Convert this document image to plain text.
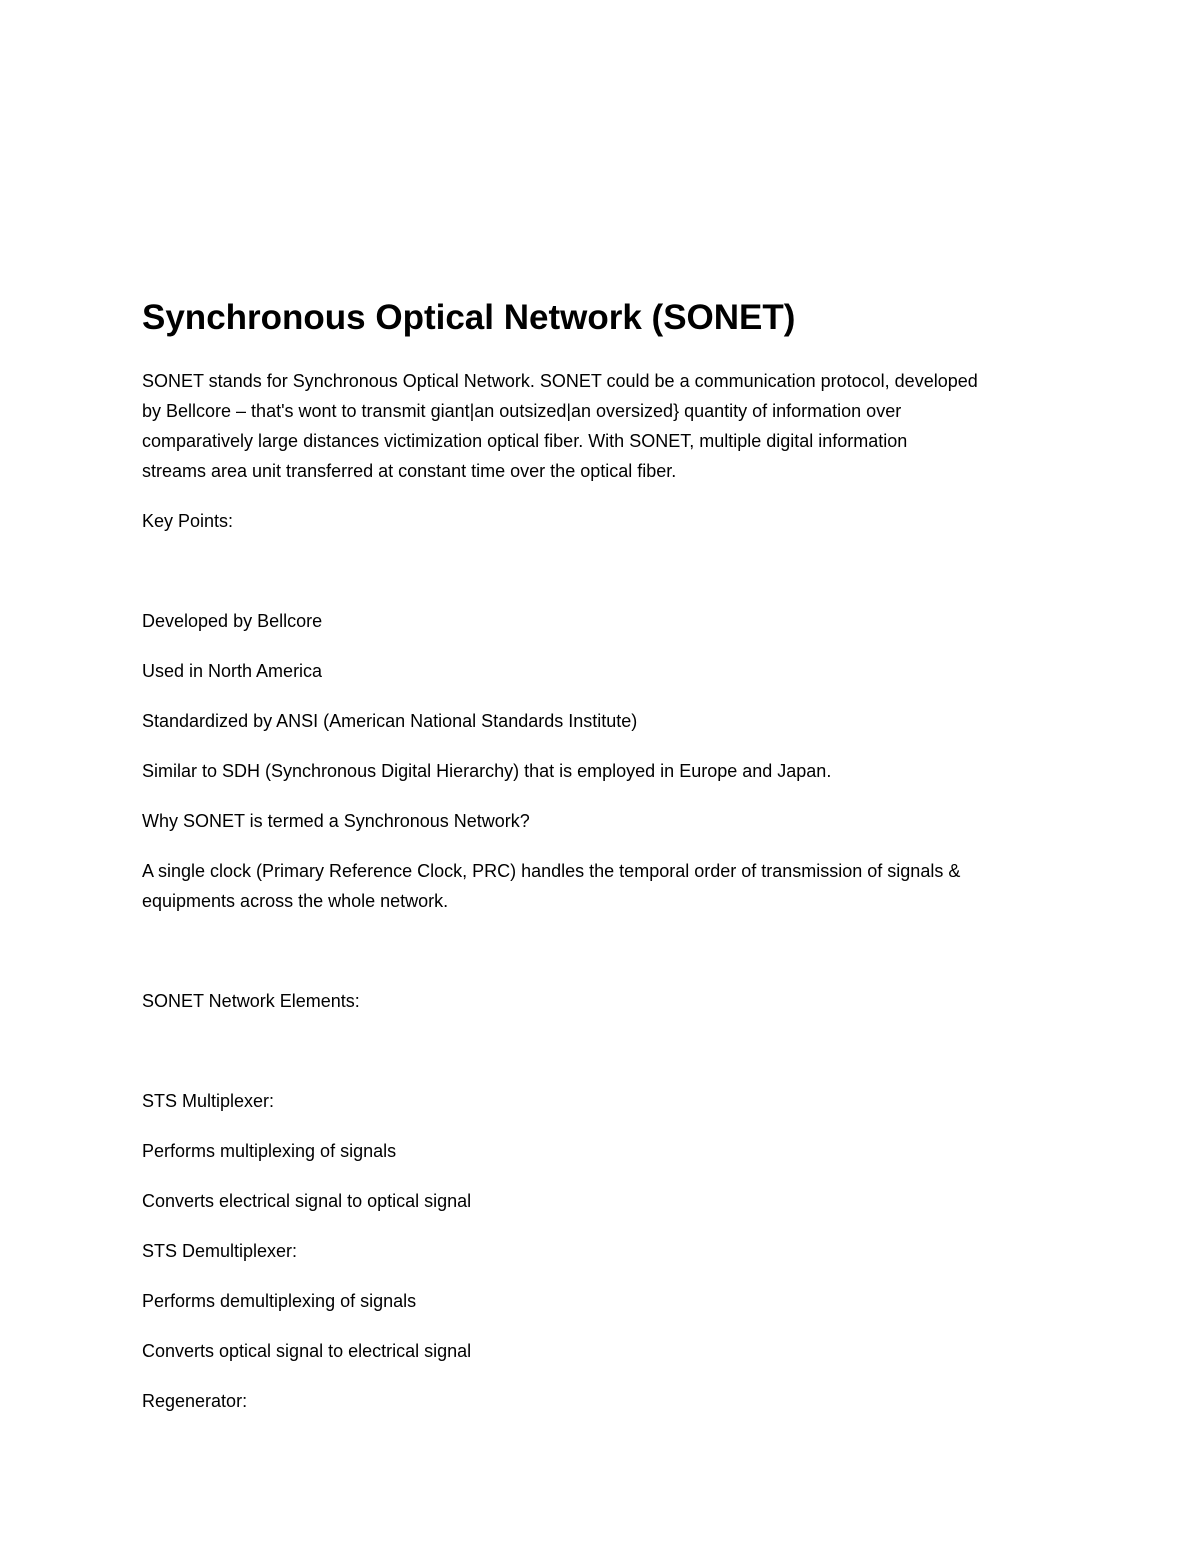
Synchronous Optical Network (SONET)

SONET stands for Synchronous Optical Network. SONET could be a communication protocol, developed

by Bellcore – that's wont to transmit giant|an outsized|an oversized} quantity of information over

comparatively large distances victimization optical fiber. With SONET, multiple digital information

streams area unit transferred at constant time over the optical fiber.

Key Points:

Developed by Bellcore

Used in North America

Standardized by ANSI (American National Standards Institute)

Similar to SDH (Synchronous Digital Hierarchy) that is employed in Europe and Japan.

Why SONET is termed a Synchronous Network?

A single clock (Primary Reference Clock, PRC) handles the temporal order of transmission of signals &

equipments across the whole network.

SONET Network Elements:

STS Multiplexer:

Performs multiplexing of signals

Converts electrical signal to optical signal

STS Demultiplexer:

Performs demultiplexing of signals

Converts optical signal to electrical signal

Regenerator:
